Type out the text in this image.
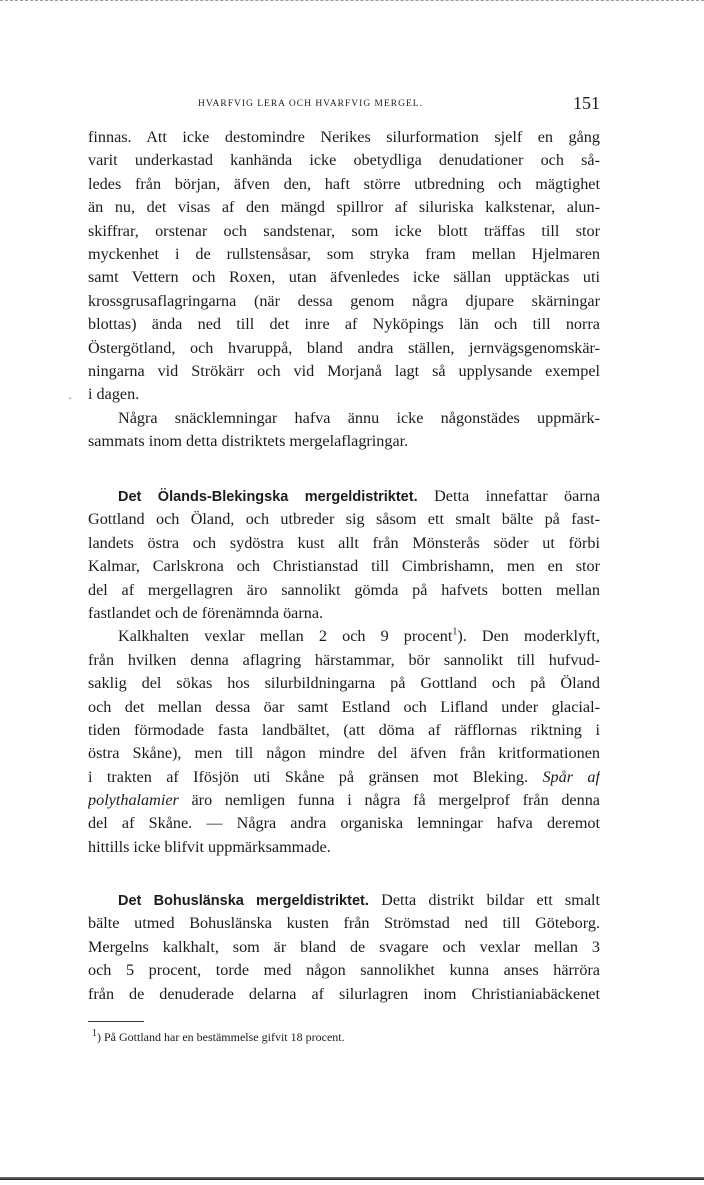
HVARFVIG LERA OCH HVARFVIG MERGEL.	151
finnas. Att icke destomindre Nerikes silurformation sjelf en gång
varit underkastad kanhända icke obetydliga denudationer och så-
ledes från början, äfven den, haft större utbredning och mägtighet
än nu, det visas af den mängd spillror af siluriska kalkstenar, alun-
skiffrar, orstenar och sandstenar, som icke blott träffas till stor
myckenhet i de rullstensåsar, som stryka fram mellan Hjelmaren
samt Vettern och Roxen, utan äfvenledes icke sällan upptäckas uti
krossgrusaflagringarna (när dessa genom några djupare skärningar
blottas) ända ned till det inre af Nyköpings län och till norra
Östergötland, och hvaruppå, bland andra ställen, jernvägsgenomskär-
ningarna vid Strökärr och vid Morjanå lagt så upplysande exempel
i dagen.
Några snäcklemningar hafva ännu icke någonstädes uppmärk-
sammats inom detta distriktets mergelaflagringar.
·
Det Ölands-Blekingska mergeldistriktet. Detta innefattar öarna
Gottland och Öland, och utbreder sig såsom ett smalt bälte på fast-
landets östra och sydöstra kust allt från Mönsterås söder ut förbi
Kalmar, Carlskrona och Christianstad till Cimbrishamn, men en stor
del af mergellagren äro sannolikt gömda på hafvets botten mellan
fastlandet och de förenämnda öarna.
Kalkhalten vexlar mellan 2 och 9 procent$^1$). Den moderklyft,
från hvilken denna aflagring härstammar, bör sannolikt till hufvud-
saklig del sökas hos silurbildningarna på Gottland och på Öland
och det mellan dessa öar samt Estland och Lifland under glacial-
tiden förmodade fasta landbältet, (att döma af räfflornas riktning i
östra Skåne), men till någon mindre del äfven från kritformationen
i trakten af Ifösjön uti Skåne på gränsen mot Bleking. Spår af
polythalamier äro nemligen funna i några få mergelprof från denna
del af Skåne. — Några andra organiska lemningar hafva deremot
hittills icke blifvit uppmärksammade.
Det Bohuslänska mergeldistriktet. Detta distrikt bildar ett smalt
bälte utmed Bohuslänska kusten från Strömstad ned till Göteborg.
Mergelns kalkhalt, som är bland de svagare och vexlar mellan 3
och 5 procent, torde med någon sannolikhet kunna anses härröra
från de denuderade delarna af silurlagren inom Christianiabäckenet
$^1$) På Gottland har en bestämmelse gifvit 18 procent.
